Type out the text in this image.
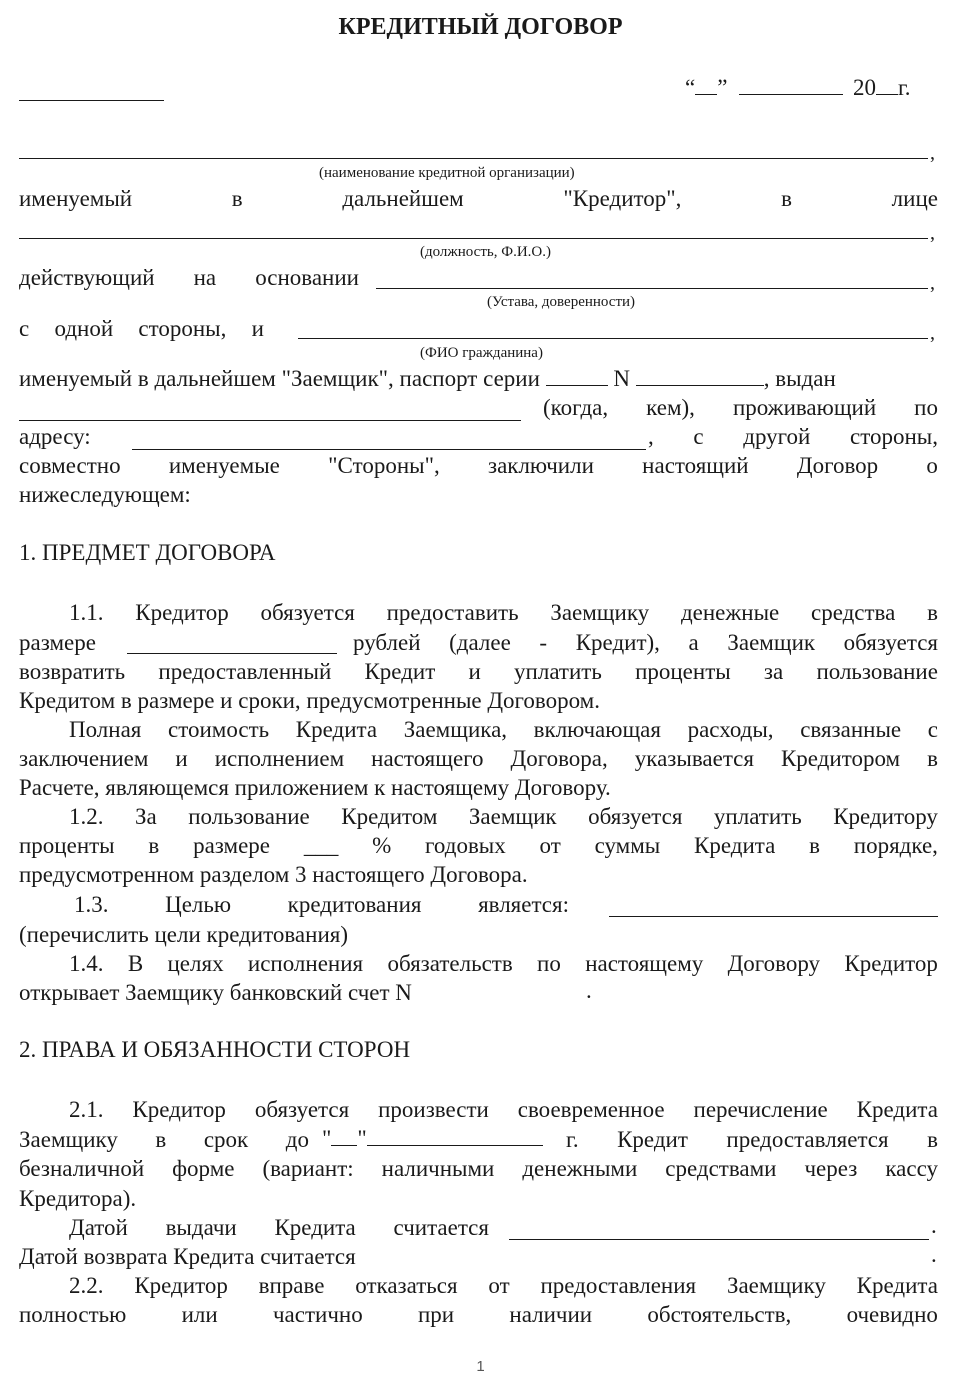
КРЕДИТНЫЙ ДОГОВОР
“ ”	20 г.
,
(наименование кредитной организации)
именуемый	в	дальнейшем	"Кредитор",	в	лице
,
(должность, Ф.И.О.)
действующий на основании	,
(Устава, доверенности)
с одной стороны, и	,
(ФИО гражданина)
именуемый в дальнейшем "Заемщик", паспорт серии	N	, выдан
(когда, кем), проживающий по
адресу:	, с другой стороны,
совместно именуемые "Стороны", заключили настоящий Договор о
нижеследующем:
1. ПРЕДМЕТ ДОГОВОРА
1.1. Кредитор обязуется предоставить Заемщику денежные средства в
размере	рублей (далее - Кредит), а Заемщик обязуется
возвратить предоставленный Кредит и уплатить проценты за пользование
Кредитом в размере и сроки, предусмотренные Договором.
Полная стоимость Кредита Заемщика, включающая расходы, связанные с
заключением и исполнением настоящего Договора, указывается Кредитором в
Расчете, являющемся приложением к настоящему Договору.
1.2. За пользование Кредитом Заемщик обязуется уплатить Кредитору
проценты в размере ___ % годовых от суммы Кредита в порядке,
предусмотренном разделом 3 настоящего Договора.
1.3. Целью кредитования является:
(перечислить цели кредитования)
1.4. В целях исполнения обязательств по настоящему Договору Кредитор
открывает Заемщику банковский счет N	.
2. ПРАВА И ОБЯЗАННОСТИ СТОРОН
2.1. Кредитор обязуется произвести своевременное перечисление Кредита
Заемщику в срок до " "	г. Кредит предоставляется в
безналичной форме (вариант: наличными денежными средствами через кассу
Кредитора).
Датой выдачи Кредита считается	.
Датой возврата Кредита считается	.
2.2. Кредитор вправе отказаться от предоставления Заемщику Кредита
полностью или частично при наличии обстоятельств, очевидно
1
